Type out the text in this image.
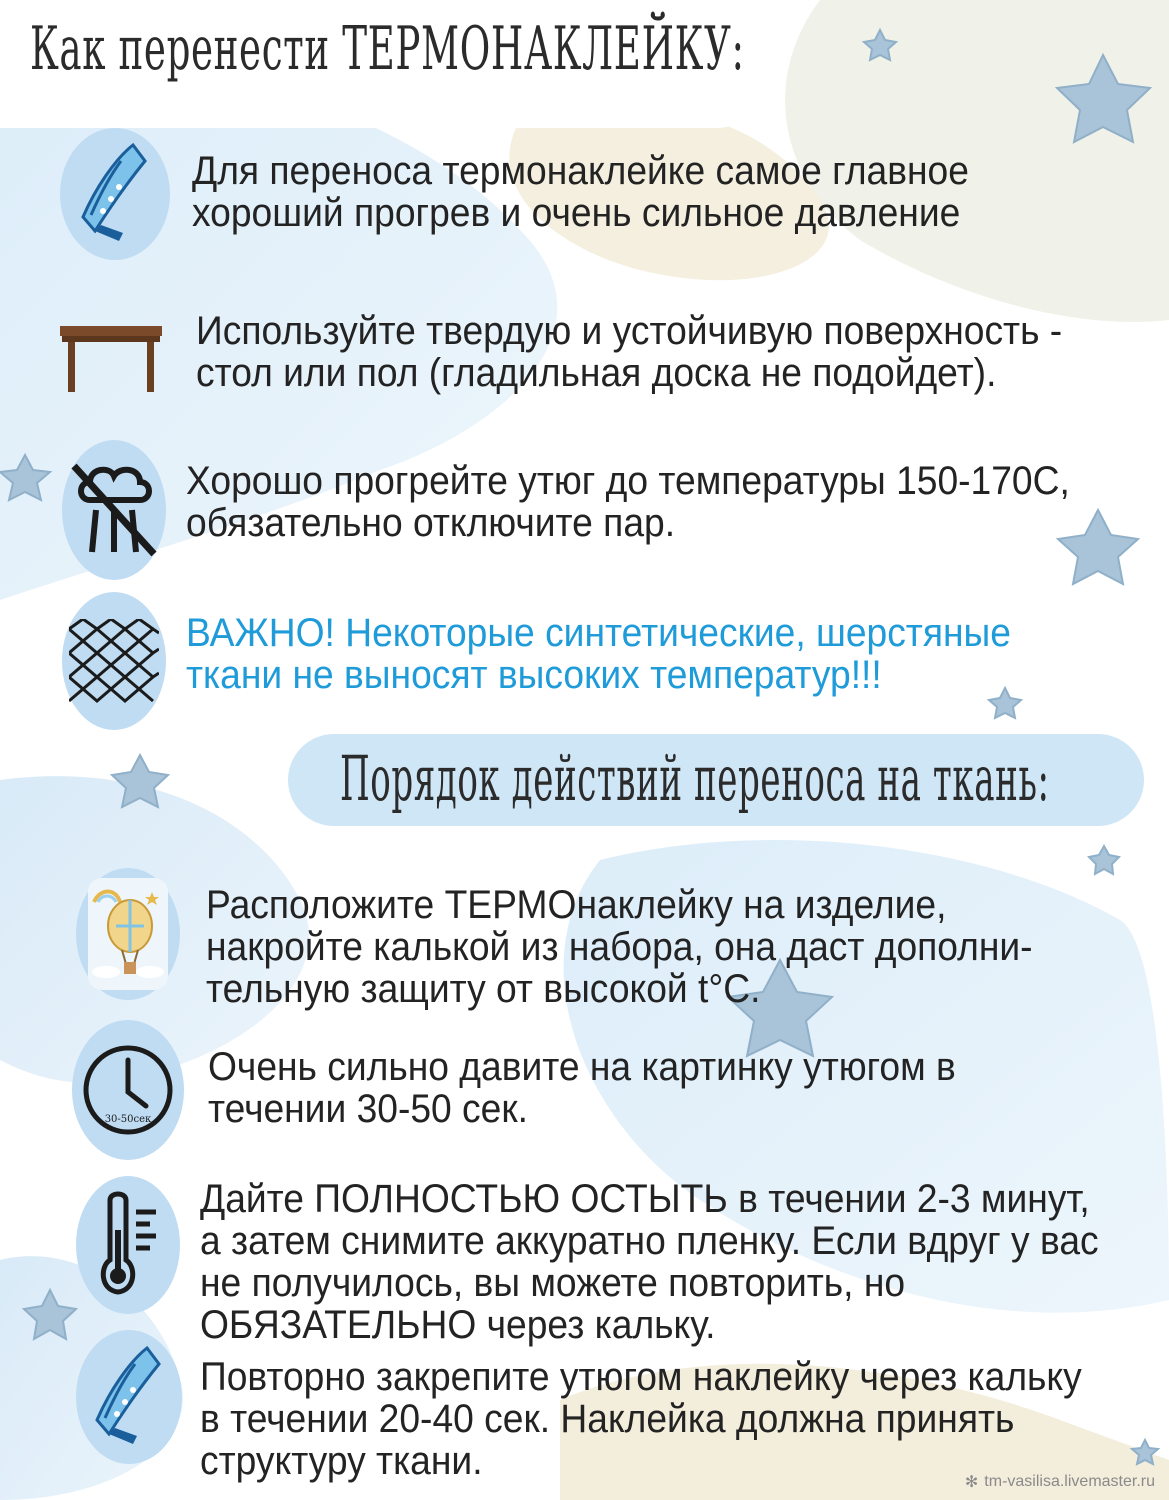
Как перенести ТЕРМОНАКЛЕЙКУ:

Для переноса термонаклейке самое главное
хороший прогрев и очень сильное давление

Используйте твердую и устойчивую поверхность -
стол или пол (гладильная доска не подойдет).

Хорошо прогрейте утюг до температуры 150-170С,
обязательно отключите пар.

ВАЖНО! Некоторые синтетические, шерстяные
ткани не выносят высоких температур!!!

Порядок действий переноса на ткань:

Расположите ТЕРМОнаклейку на изделие,
накройте калькой из набора, она даст дополни-
тельную защиту от высокой t°С.

30-50сек

Очень сильно давите на картинку утюгом в
течении 30-50 сек.

Дайте ПОЛНОСТЬЮ ОСТЫТЬ в течении 2-3 минут,
а затем снимите аккуратно пленку. Если вдруг у вас
не получилось, вы можете повторить, но
ОБЯЗАТЕЛЬНО через кальку.

Повторно закрепите утюгом наклейку через кальку
в течении 20-40 сек. Наклейка должна принять
структуру ткани.	✻ tm-vasilisa.livemaster.ru
